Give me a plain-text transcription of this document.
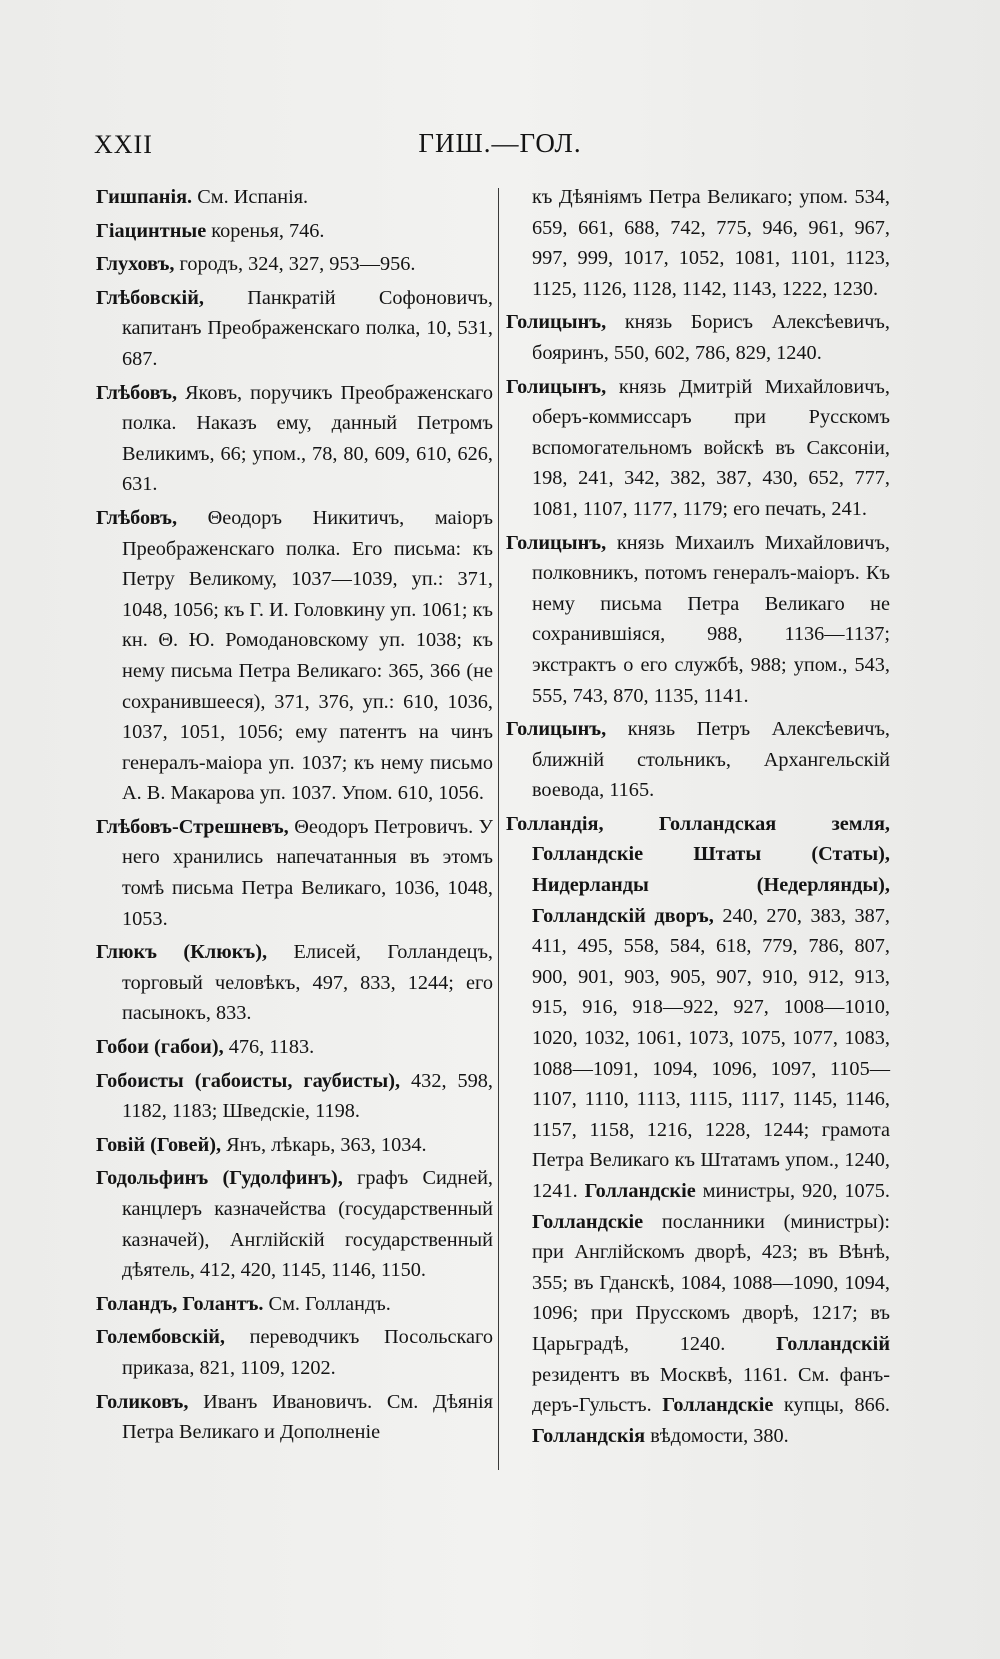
XXII	ГИШ.—ГОЛ.

Гишпанія. См. Испанія.

Гіацинтные коренья, 746.

Глуховъ, городъ, 324, 327, 953—956.

Глѣбовскій, Панкратій Софоновичъ, капитанъ Преображенскаго полка, 10, 531, 687.

Глѣбовъ, Яковъ, поручикъ Преображенскаго полка. Наказъ ему, данный Петромъ Великимъ, 66; упом., 78, 80, 609, 610, 626, 631.

Глѣбовъ, Θеодоръ Никитичъ, маіоръ Преображенскаго полка. Его письма: къ Петру Великому, 1037—1039, уп.: 371, 1048, 1056; къ Г. И. Головкину уп. 1061; къ кн. Θ. Ю. Ромодановскому уп. 1038; къ нему письма Петра Великаго: 365, 366 (не сохранившееся), 371, 376, уп.: 610, 1036, 1037, 1051, 1056; ему патентъ на чинъ генералъ-маіора уп. 1037; къ нему письмо А. В. Макарова уп. 1037. Упом. 610, 1056.

Глѣбовъ-Стрешневъ, Θеодоръ Петровичъ. У него хранились напечатанныя въ этомъ томѣ письма Петра Великаго, 1036, 1048, 1053.

Глюкъ (Клюкъ), Елисей, Голландецъ, торговый человѣкъ, 497, 833, 1244; его пасынокъ, 833.

Гобои (габои), 476, 1183.

Гобоисты (габоисты, гаубисты), 432, 598, 1182, 1183; Шведскіе, 1198.

Говій (Говей), Янъ, лѣкарь, 363, 1034.

Годольфинъ (Гудолфинъ), графъ Сидней, канцлеръ казначейства (государственный казначей), Англійскій государственный дѣятель, 412, 420, 1145, 1146, 1150.

Голандъ, Голантъ. См. Голландъ.

Голембовскій, переводчикъ Посольскаго приказа, 821, 1109, 1202.

Голиковъ, Иванъ Ивановичъ. См. Дѣянія Петра Великаго и Дополненіе

къ Дѣяніямъ Петра Великаго; упом. 534, 659, 661, 688, 742, 775, 946, 961, 967, 997, 999, 1017, 1052, 1081, 1101, 1123, 1125, 1126, 1128, 1142, 1143, 1222, 1230.

Голицынъ, князь Борисъ Алексѣевичъ, бояринъ, 550, 602, 786, 829, 1240.

Голицынъ, князь Дмитрій Михайловичъ, оберъ-коммиссаръ при Русскомъ вспомогательномъ войскѣ въ Саксоніи, 198, 241, 342, 382, 387, 430, 652, 777, 1081, 1107, 1177, 1179; его печать, 241.

Голицынъ, князь Михаилъ Михайловичъ, полковникъ, потомъ генералъ-маіоръ. Къ нему письма Петра Великаго не сохранившіяся, 988, 1136—1137; экстрактъ о его службѣ, 988; упом., 543, 555, 743, 870, 1135, 1141.

Голицынъ, князь Петръ Алексѣевичъ, ближній стольникъ, Архангельскій воевода, 1165.

Голландія, Голландская земля, Голландскіе Штаты (Статы), Нидерланды (Недерлянды), Голландскій дворъ, 240, 270, 383, 387, 411, 495, 558, 584, 618, 779, 786, 807, 900, 901, 903, 905, 907, 910, 912, 913, 915, 916, 918—922, 927, 1008—1010, 1020, 1032, 1061, 1073, 1075, 1077, 1083, 1088—1091, 1094, 1096, 1097, 1105—1107, 1110, 1113, 1115, 1117, 1145, 1146, 1157, 1158, 1216, 1228, 1244; грамота Петра Великаго къ Штатамъ упом., 1240, 1241. Голландскіе министры, 920, 1075. Голландскіе посланники (министры): при Англійскомъ дворѣ, 423; въ Вѣнѣ, 355; въ Гданскѣ, 1084, 1088—1090, 1094, 1096; при Прусскомъ дворѣ, 1217; въ Царьградѣ, 1240. Голландскій резидентъ въ Москвѣ, 1161. См. фанъ-деръ-Гульстъ. Голландскіе купцы, 866. Голландскія вѣдомости, 380.
